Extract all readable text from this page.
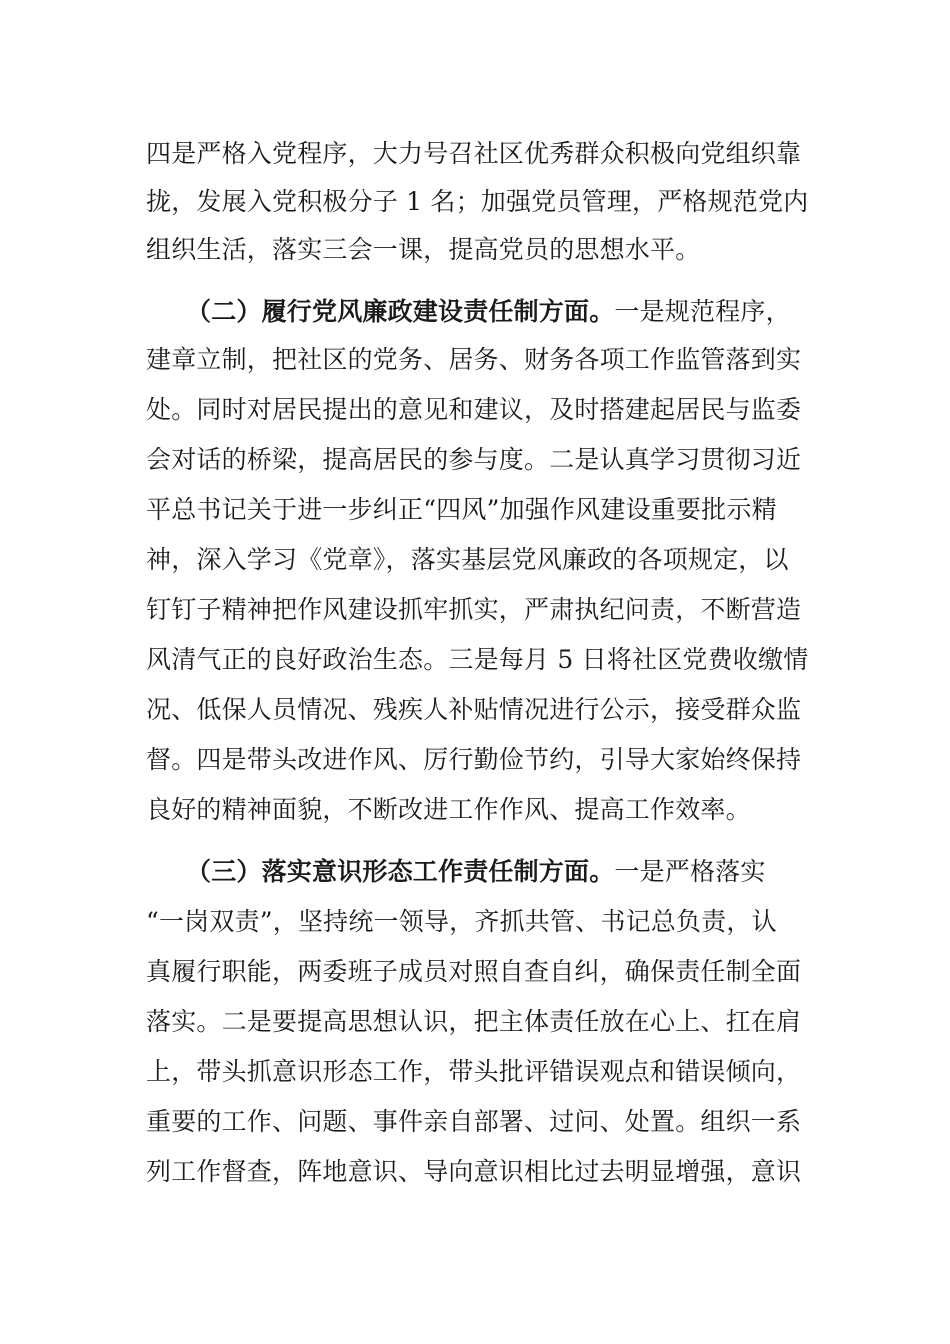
四是严格入党程序，大力号召社区优秀群众积极向党组织靠
拢，发展入党积极分子 1 名；加强党员管理，严格规范党内
组织生活，落实三会一课，提高党员的思想水平。
（二）履行党风廉政建设责任制方面。一是规范程序，
建章立制，把社区的党务、居务、财务各项工作监管落到实
处。同时对居民提出的意见和建议，及时搭建起居民与监委
会对话的桥梁，提高居民的参与度。二是认真学习贯彻习近
平总书记关于进一步纠正“四风”加强作风建设重要批示精
神，深入学习《党章》，落实基层党风廉政的各项规定，以
钉钉子精神把作风建设抓牢抓实，严肃执纪问责，不断营造
风清气正的良好政治生态。三是每月 5 日将社区党费收缴情
况、低保人员情况、残疾人补贴情况进行公示，接受群众监
督。四是带头改进作风、厉行勤俭节约，引导大家始终保持
良好的精神面貌，不断改进工作作风、提高工作效率。
（三）落实意识形态工作责任制方面。一是严格落实
“一岗双责”，坚持统一领导，齐抓共管、书记总负责，认
真履行职能，两委班子成员对照自查自纠，确保责任制全面
落实。二是要提高思想认识，把主体责任放在心上、扛在肩
上，带头抓意识形态工作，带头批评错误观点和错误倾向，
重要的工作、问题、事件亲自部署、过问、处置。组织一系
列工作督查，阵地意识、导向意识相比过去明显增强，意识
